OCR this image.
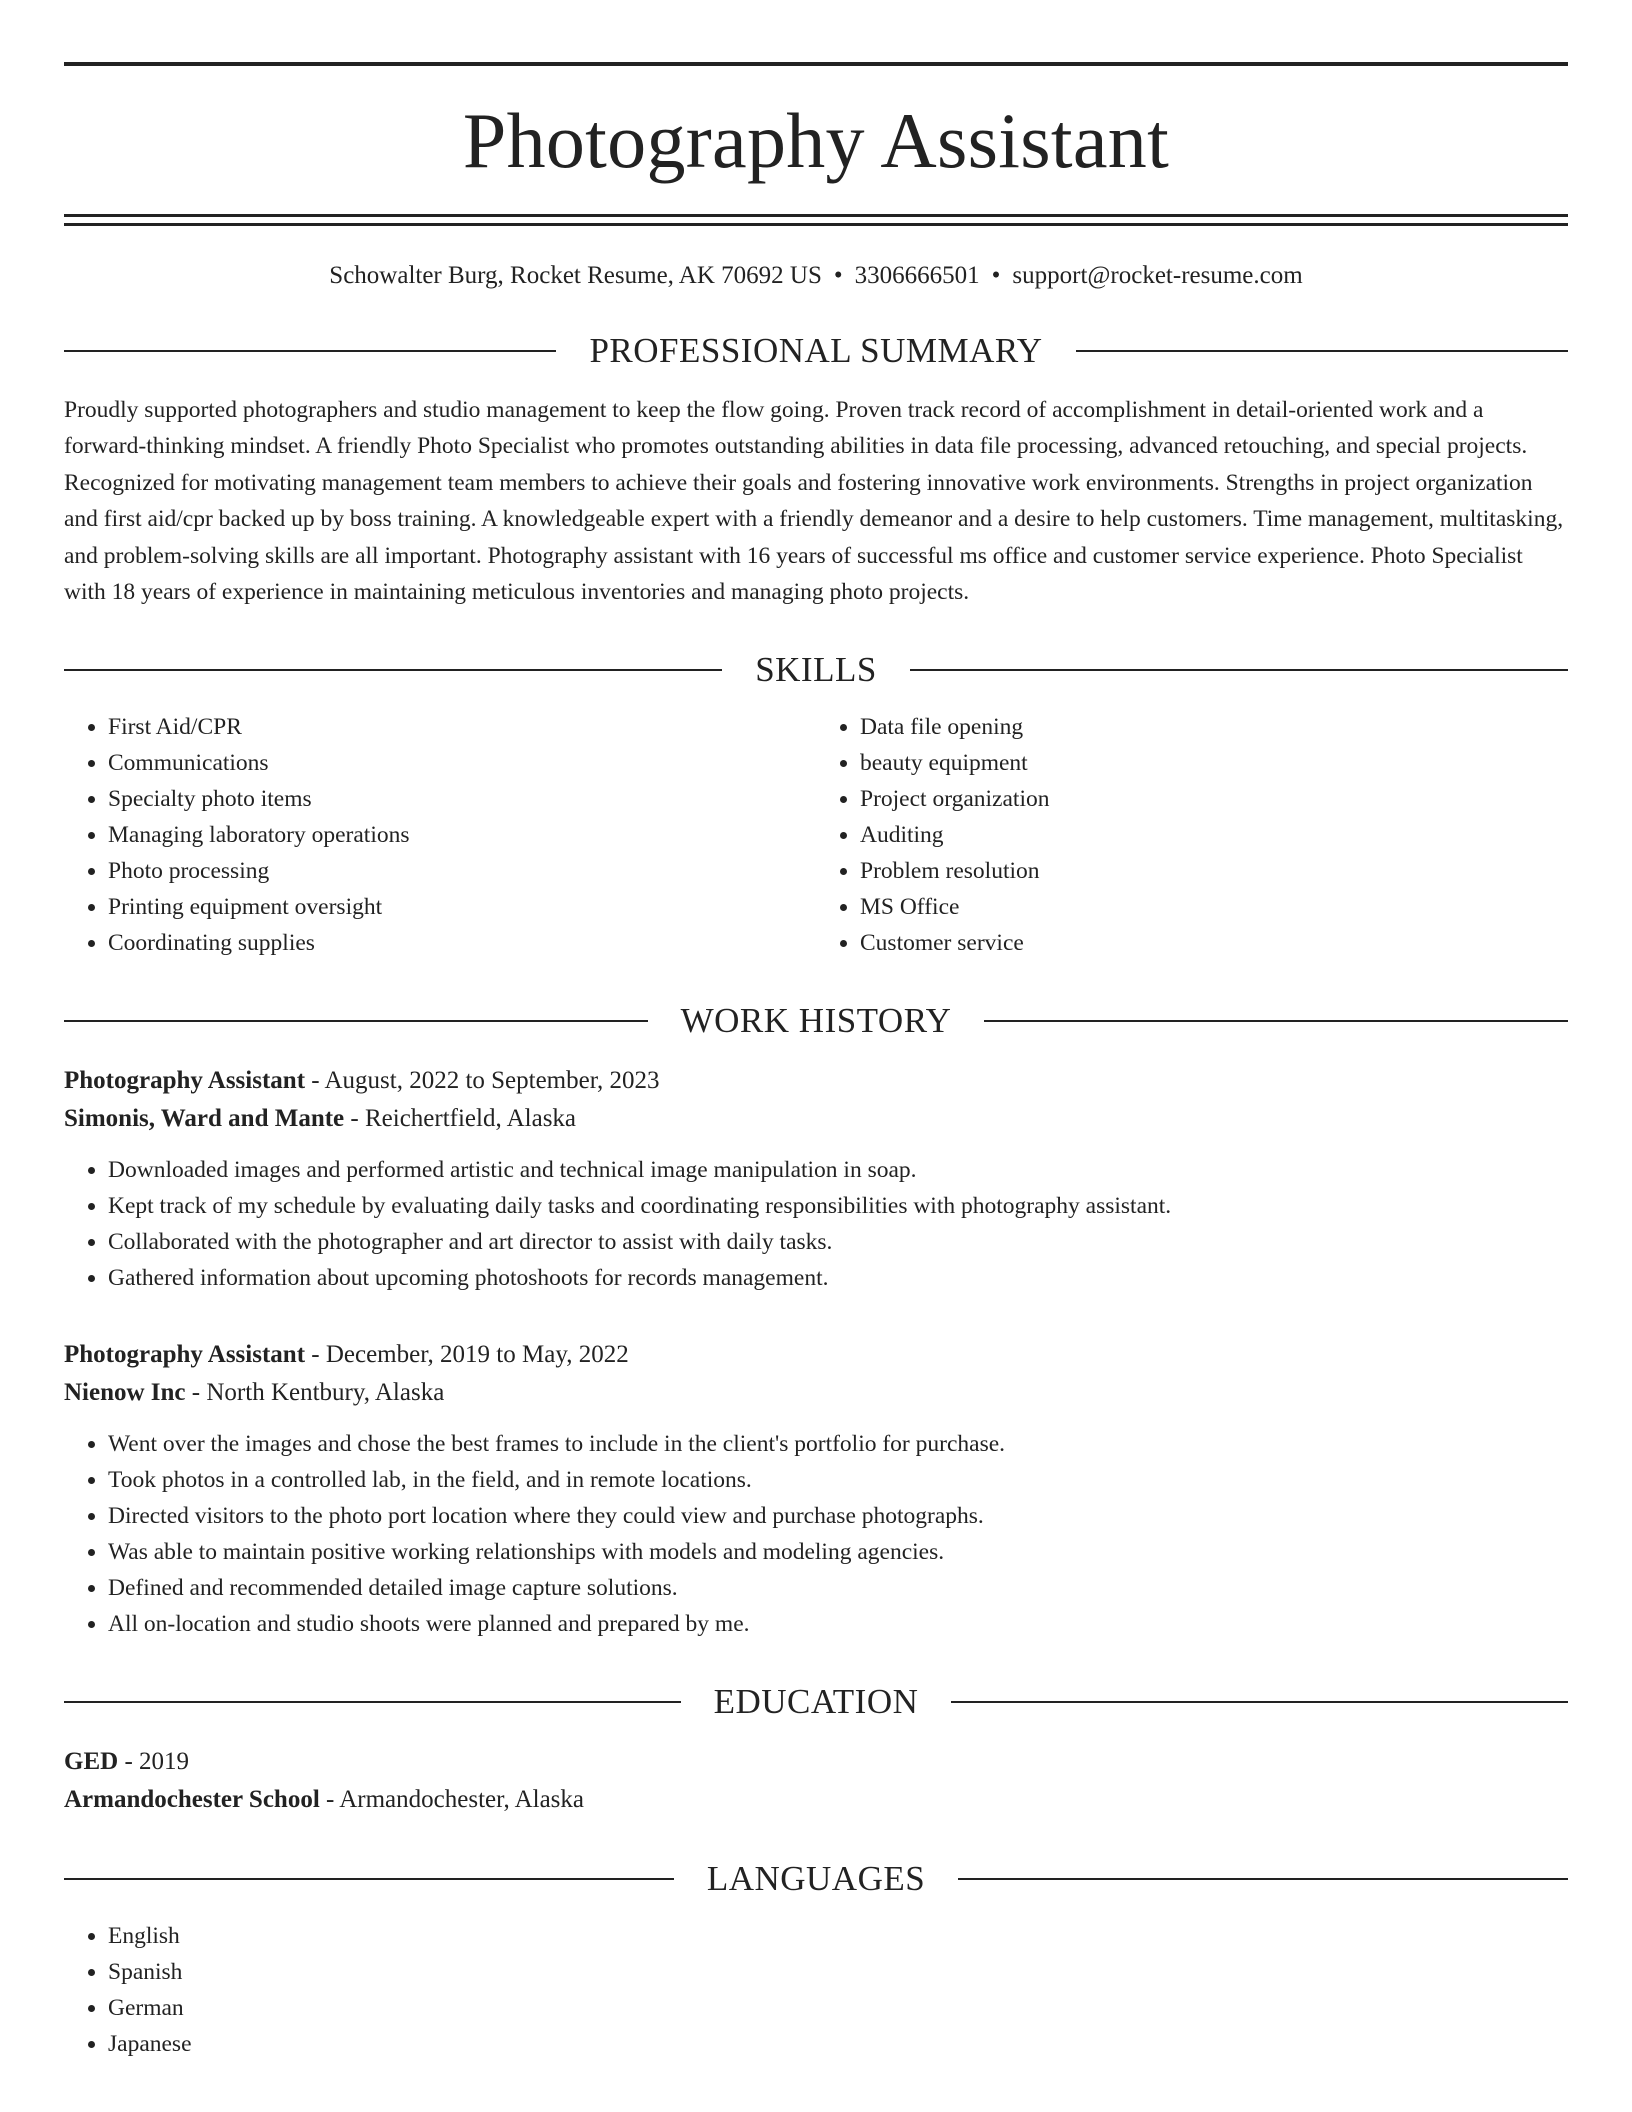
Photography Assistant
Schowalter Burg, Rocket Resume, AK 70692 US • 3306666501 • support@rocket-resume.com
PROFESSIONAL SUMMARY
Proudly supported photographers and studio management to keep the flow going. Proven track record of accomplishment in detail-oriented work and a forward-thinking mindset. A friendly Photo Specialist who promotes outstanding abilities in data file processing, advanced retouching, and special projects. Recognized for motivating management team members to achieve their goals and fostering innovative work environments. Strengths in project organization and first aid/cpr backed up by boss training. A knowledgeable expert with a friendly demeanor and a desire to help customers. Time management, multitasking, and problem-solving skills are all important. Photography assistant with 16 years of successful ms office and customer service experience. Photo Specialist with 18 years of experience in maintaining meticulous inventories and managing photo projects.
SKILLS
• First Aid/CPR
• Communications
• Specialty photo items
• Managing laboratory operations
• Photo processing
• Printing equipment oversight
• Coordinating supplies
• Data file opening
• beauty equipment
• Project organization
• Auditing
• Problem resolution
• MS Office
• Customer service
WORK HISTORY
Photography Assistant - August, 2022 to September, 2023
Simonis, Ward and Mante - Reichertfield, Alaska
• Downloaded images and performed artistic and technical image manipulation in soap.
• Kept track of my schedule by evaluating daily tasks and coordinating responsibilities with photography assistant.
• Collaborated with the photographer and art director to assist with daily tasks.
• Gathered information about upcoming photoshoots for records management.
Photography Assistant - December, 2019 to May, 2022
Nienow Inc - North Kentbury, Alaska
• Went over the images and chose the best frames to include in the client's portfolio for purchase.
• Took photos in a controlled lab, in the field, and in remote locations.
• Directed visitors to the photo port location where they could view and purchase photographs.
• Was able to maintain positive working relationships with models and modeling agencies.
• Defined and recommended detailed image capture solutions.
• All on-location and studio shoots were planned and prepared by me.
EDUCATION
GED - 2019
Armandochester School - Armandochester, Alaska
LANGUAGES
• English
• Spanish
• German
• Japanese
